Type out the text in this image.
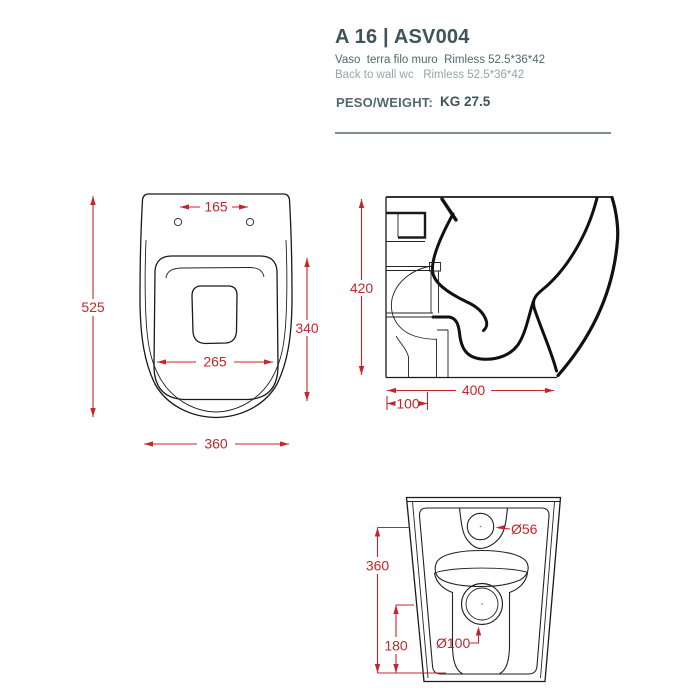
A 16 | ASV004
Vaso  terra filo muro  Rimless 52.5*36*42
Back to wall wc   Rimless 52.5*36*42
PESO/WEIGHT: KG 27.5
165
525
340
265
360
420
400
100
Ø56
360
180 Ø100
